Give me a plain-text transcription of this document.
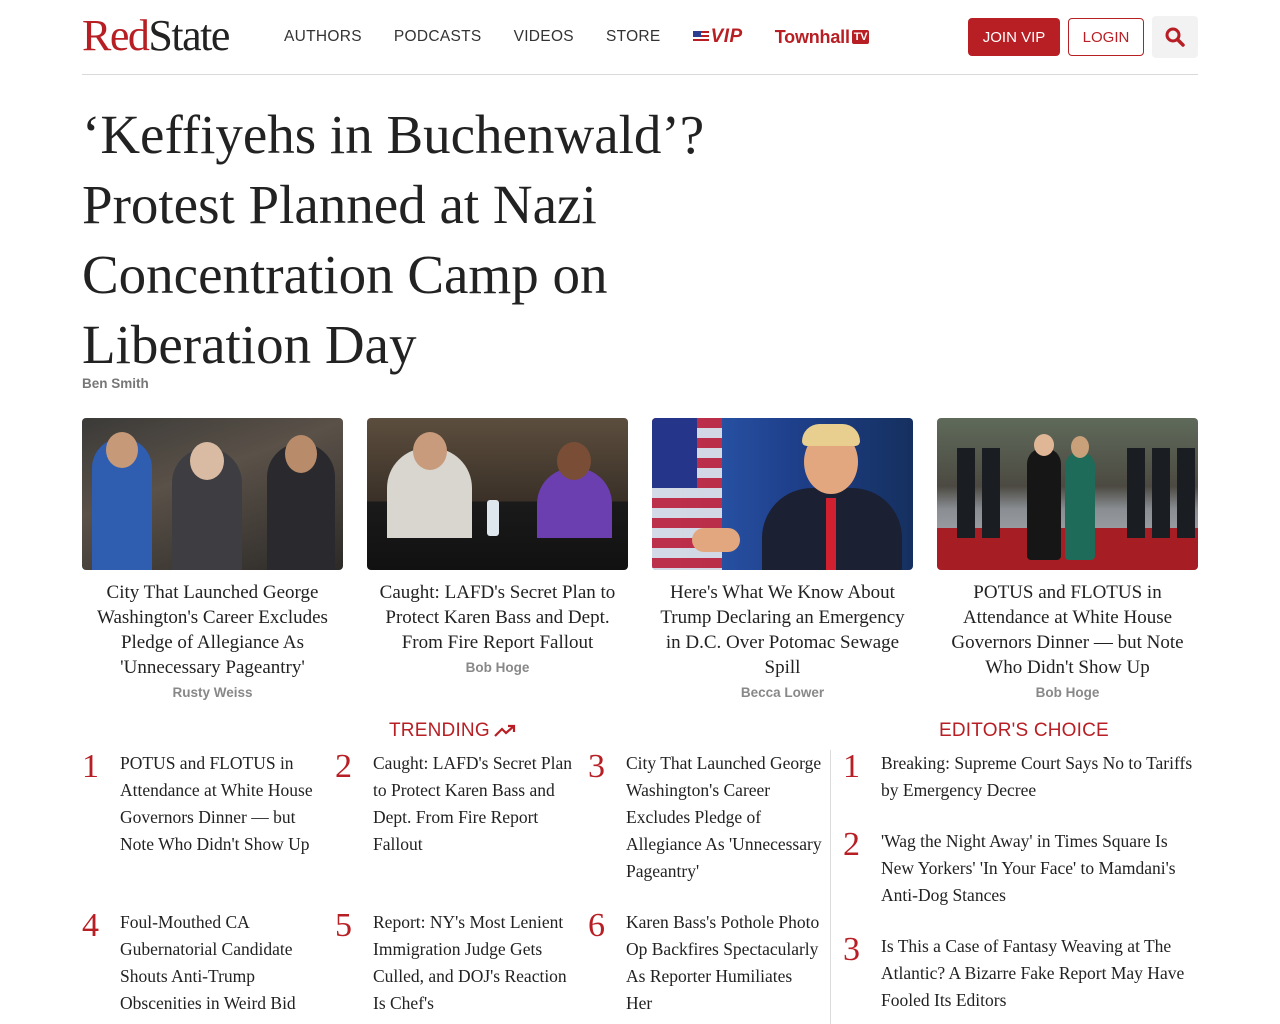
RedState	AUTHORS PODCASTS VIDEOS STORE	VIP Townhall TV	JOIN VIP	LOGIN
‘Keffiyehs in Buchenwald’? Protest Planned at Nazi Concentration Camp on Liberation Day
Ben Smith
City That Launched George Washington's Career Excludes Pledge of Allegiance As 'Unnecessary Pageantry'
Rusty Weiss
Caught: LAFD's Secret Plan to Protect Karen Bass and Dept. From Fire Report Fallout
Bob Hoge
Here's What We Know About Trump Declaring an Emergency in D.C. Over Potomac Sewage Spill
Becca Lower
POTUS and FLOTUS in Attendance at White House Governors Dinner — but Note Who Didn't Show Up
Bob Hoge
TRENDING	EDITOR'S CHOICE
1	POTUS and FLOTUS in Attendance at White House Governors Dinner — but Note Who Didn't Show Up
2	Caught: LAFD's Secret Plan to Protect Karen Bass and Dept. From Fire Report Fallout
3	City That Launched George Washington's Career Excludes Pledge of Allegiance As 'Unnecessary Pageantry'
4	Foul-Mouthed CA Gubernatorial Candidate Shouts Anti-Trump Obscenities in Weird Bid
5	Report: NY's Most Lenient Immigration Judge Gets Culled, and DOJ's Reaction Is Chef's
6	Karen Bass's Pothole Photo Op Backfires Spectacularly As Reporter Humiliates Her
1	Breaking: Supreme Court Says No to Tariffs by Emergency Decree
2	'Wag the Night Away' in Times Square Is New Yorkers' 'In Your Face' to Mamdani's Anti-Dog Stances
3	Is This a Case of Fantasy Weaving at The Atlantic? A Bizarre Fake Report May Have Fooled Its Editors
